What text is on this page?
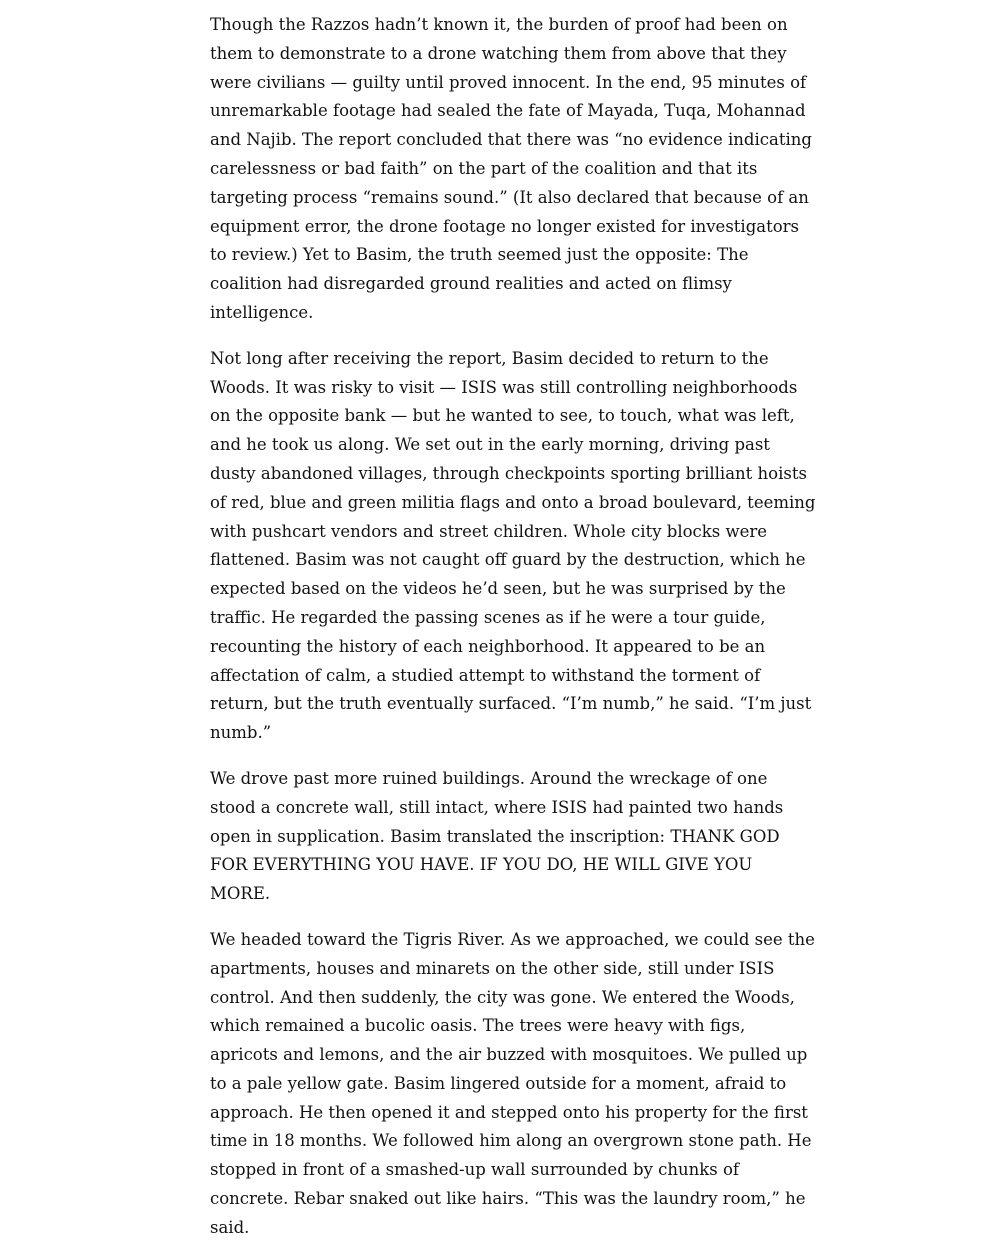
Though the Razzos hadn’t known it, the burden of proof had been on them to demonstrate to a drone watching them from above that they were civilians — guilty until proved innocent. In the end, 95 minutes of unremarkable footage had sealed the fate of Mayada, Tuqa, Mohannad and Najib. The report concluded that there was “no evidence indicating carelessness or bad faith” on the part of the coalition and that its targeting process “remains sound.” (It also declared that because of an equipment error, the drone footage no longer existed for investigators to review.) Yet to Basim, the truth seemed just the opposite: The coalition had disregarded ground realities and acted on flimsy intelligence.

Not long after receiving the report, Basim decided to return to the Woods. It was risky to visit — ISIS was still controlling neighborhoods on the opposite bank — but he wanted to see, to touch, what was left, and he took us along. We set out in the early morning, driving past dusty abandoned villages, through checkpoints sporting brilliant hoists of red, blue and green militia flags and onto a broad boulevard, teeming with pushcart vendors and street children. Whole city blocks were flattened. Basim was not caught off guard by the destruction, which he expected based on the videos he’d seen, but he was surprised by the traffic. He regarded the passing scenes as if he were a tour guide, recounting the history of each neighborhood. It appeared to be an affectation of calm, a studied attempt to withstand the torment of return, but the truth eventually surfaced. “I’m numb,” he said. “I’m just numb.”

We drove past more ruined buildings. Around the wreckage of one stood a concrete wall, still intact, where ISIS had painted two hands open in supplication. Basim translated the inscription: THANK GOD FOR EVERYTHING YOU HAVE. IF YOU DO, HE WILL GIVE YOU MORE.

We headed toward the Tigris River. As we approached, we could see the apartments, houses and minarets on the other side, still under ISIS control. And then suddenly, the city was gone. We entered the Woods, which remained a bucolic oasis. The trees were heavy with figs, apricots and lemons, and the air buzzed with mosquitoes. We pulled up to a pale yellow gate. Basim lingered outside for a moment, afraid to approach. He then opened it and stepped onto his property for the first time in 18 months. We followed him along an overgrown stone path. He stopped in front of a smashed-up wall surrounded by chunks of concrete. Rebar snaked out like hairs. “This was the laundry room,” he said.
